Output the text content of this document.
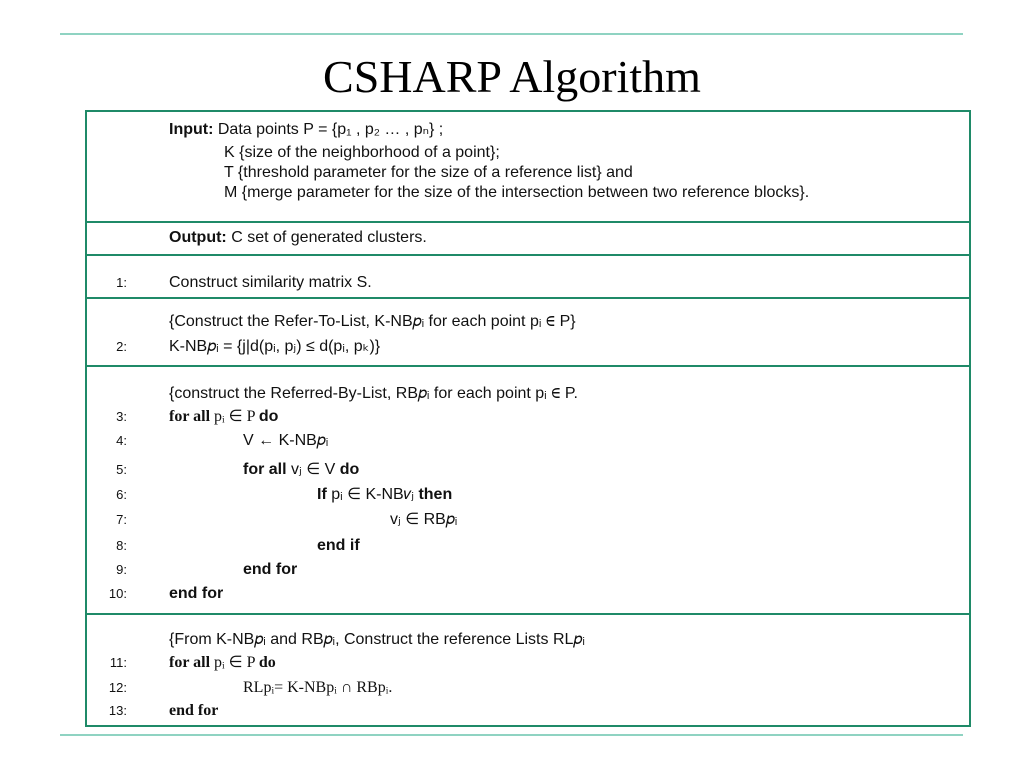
CSHARP Algorithm
Input: Data points P = {p₁ , p₂ … , pₙ} ;
K {size of the neighborhood of a point};
T {threshold parameter for the size of a reference list} and
M {merge parameter for the size of the intersection between two reference blocks}.
Output: C set of generated clusters.
1:	Construct similarity matrix S.
{Construct the Refer-To-List, K-NB𝑝ᵢ for each point pᵢ ∈ P}
2:	K-NB𝑝ᵢ = {j|d(pᵢ, pⱼ) ≤ d(pᵢ, pₖ)}
{construct the Referred-By-List, RB𝑝ᵢ for each point pᵢ ∈ P.
3:	for all pᵢ ∈ P do
4:	V ← K-NB𝑝ᵢ
5:	for all vⱼ ∈ V do
6:	If pᵢ ∈ K-NB𝑣ⱼ then
7:	vⱼ ∈ RB𝑝ᵢ
8:	end if
9:	end for
10:	end for
{From K-NB𝑝ᵢ and RB𝑝ᵢ, Construct the reference Lists RL𝑝ᵢ
11:	for all pᵢ ∈ P do
12:	RLpᵢ= K-NBpᵢ ∩ RBpᵢ.
13:	end for
